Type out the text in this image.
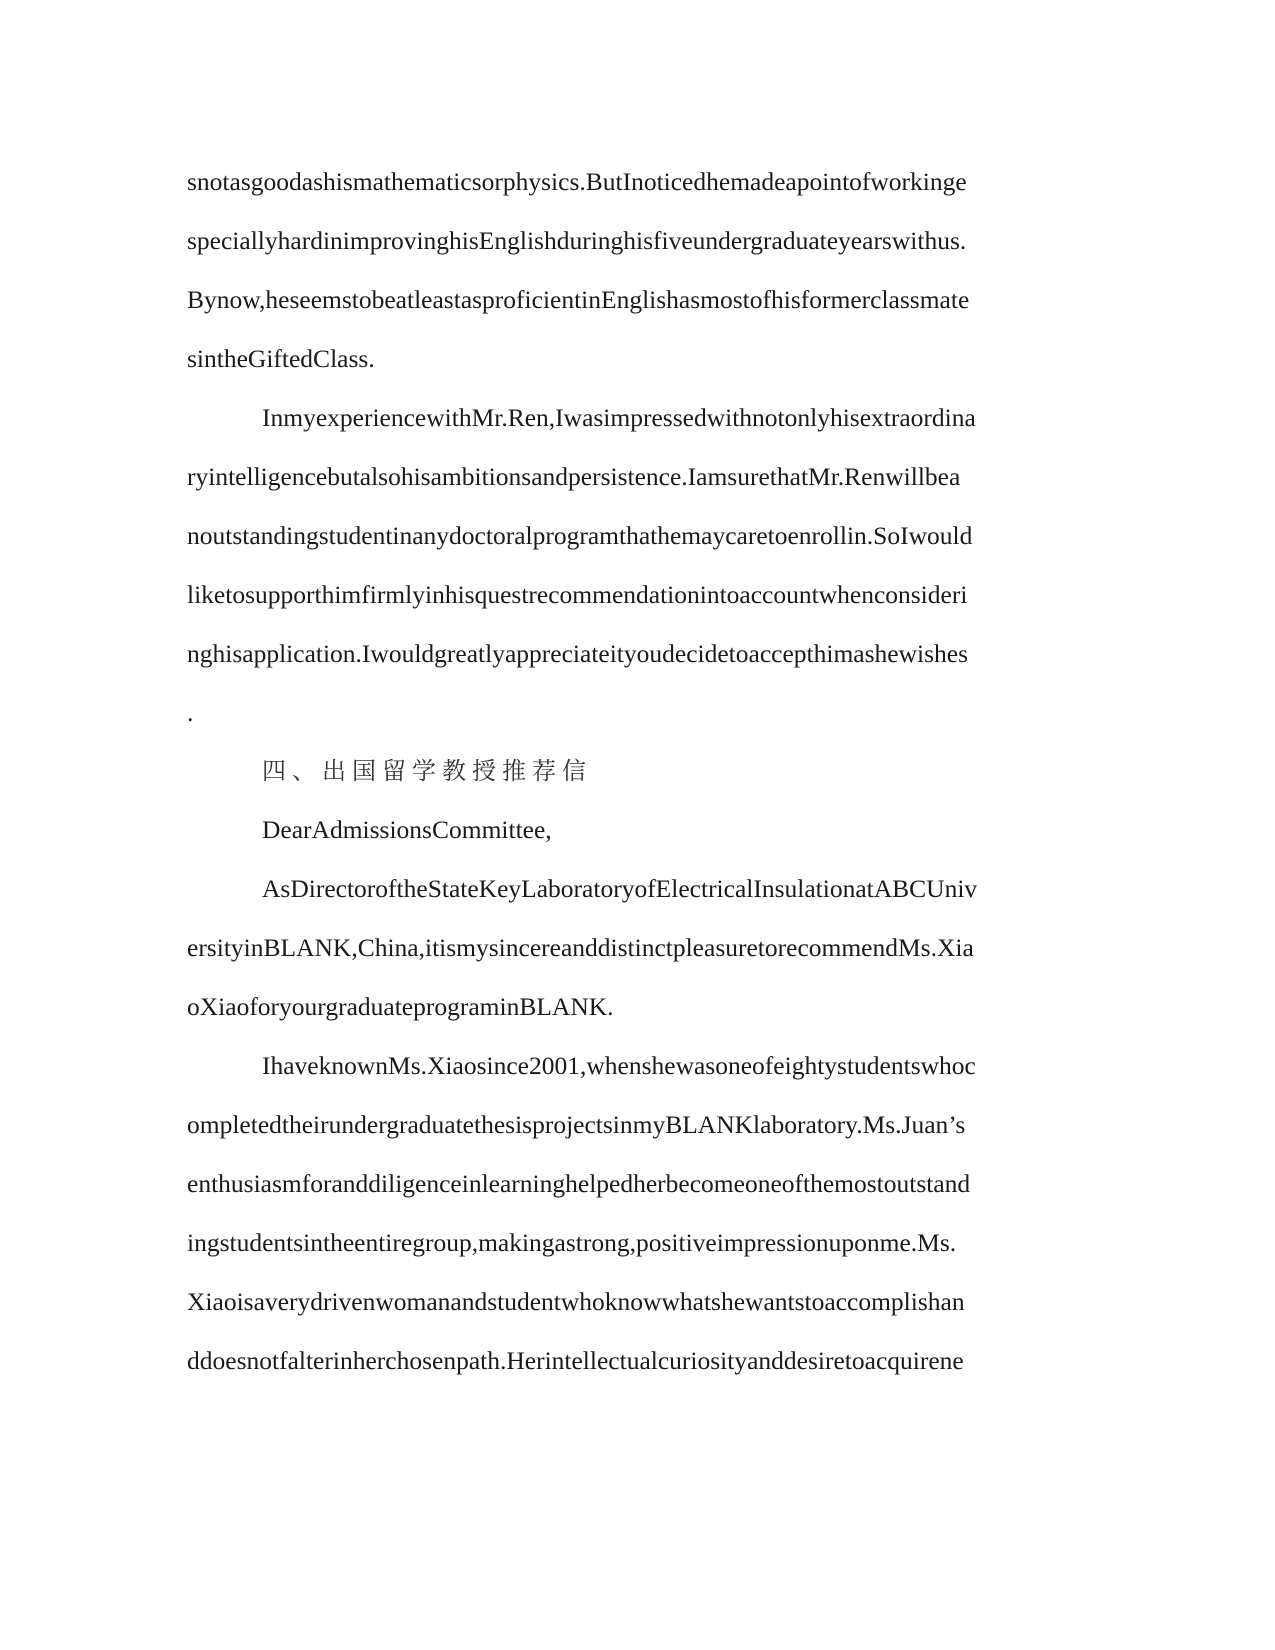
snotasgoodashismathematicsorphysics.ButInoticedhemadeapointofworkinge
speciallyhardinimprovinghisEnglishduringhisfiveundergraduateyearswithus.
Bynow,heseemstobeatleastasproficientinEnglishasmostofhisformerclassmate
sintheGiftedClass.
InmyexperiencewithMr.Ren,Iwasimpressedwithnotonlyhisextraordina
ryintelligencebutalsohisambitionsandpersistence.IamsurethatMr.Renwillbea
noutstandingstudentinanydoctoralprogramthathemaycaretoenrollin.SoIwould
liketosupporthimfirmlyinhisquestrecommendationintoaccountwhenconsideri
nghisapplication.Iwouldgreatlyappreciateityoudecidetoaccepthimashewishes
.
四、出国留学教授推荐信
DearAdmissionsCommittee,
AsDirectoroftheStateKeyLaboratoryofElectricalInsulationatABCUniv
ersityinBLANK,China,itismysincereanddistinctpleasuretorecommendMs.Xia
oXiaoforyourgraduateprograminBLANK.
IhaveknownMs.Xiaosince2001,whenshewasoneofeightystudentswhoc
ompletedtheirundergraduatethesisprojectsinmyBLANKlaboratory.Ms.Juan’s
enthusiasmforanddiligenceinlearninghelpedherbecomeoneofthemostoutstand
ingstudentsintheentiregroup,makingastrong,positiveimpressionuponme.Ms.
Xiaoisaverydrivenwomanandstudentwhoknowwhatshewantstoaccomplishan
ddoesnotfalterinherchosenpath.Herintellectualcuriosityanddesiretoacquirene
